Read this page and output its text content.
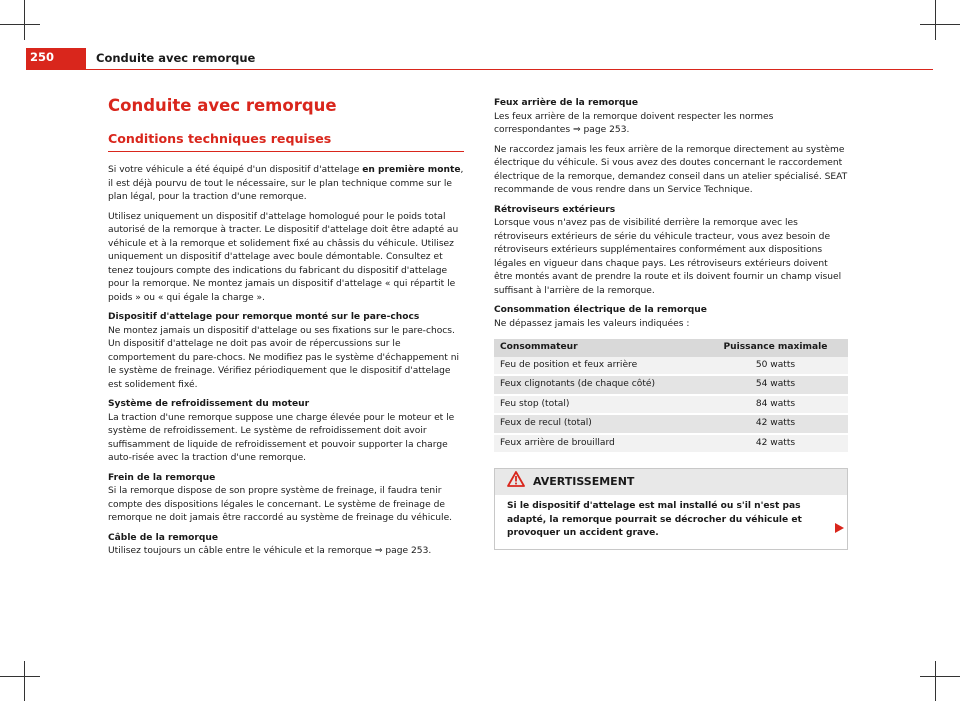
250	Conduite avec remorque
Conduite avec remorque
Conditions techniques requises

Si votre véhicule a été équipé d'un dispositif d'attelage en première monte, il est déjà pourvu de tout le nécessaire, sur le plan technique comme sur le plan légal, pour la traction d'une remorque.

Utilisez uniquement un dispositif d'attelage homologué pour le poids total autorisé de la remorque à tracter. Le dispositif d'attelage doit être adapté au véhicule et à la remorque et solidement fixé au châssis du véhicule. Utilisez uniquement un dispositif d'attelage avec boule démontable. Consultez et tenez toujours compte des indications du fabricant du dispositif d'attelage pour la remorque. Ne montez jamais un dispositif d'attelage « qui répartit le poids » ou « qui égale la charge ».

Dispositif d'attelage pour remorque monté sur le pare-chocs

Ne montez jamais un dispositif d'attelage ou ses fixations sur le pare-chocs. Un dispositif d'attelage ne doit pas avoir de répercussions sur le comportement du pare-chocs. Ne modifiez pas le système d'échappement ni le système de freinage. Vérifiez périodiquement que le dispositif d'attelage est solidement fixé.

Système de refroidissement du moteur

La traction d'une remorque suppose une charge élevée pour le moteur et le système de refroidissement. Le système de refroidissement doit avoir suffisamment de liquide de refroidissement et pouvoir supporter la charge auto-risée avec la traction d'une remorque.

Frein de la remorque

Si la remorque dispose de son propre système de freinage, il faudra tenir compte des dispositions légales le concernant. Le système de freinage de remorque ne doit jamais être raccordé au système de freinage du véhicule.

Câble de la remorque

Utilisez toujours un câble entre le véhicule et la remorque ⇒ page 253.

Feux arrière de la remorque

Les feux arrière de la remorque doivent respecter les normes correspondantes ⇒ page 253.

Ne raccordez jamais les feux arrière de la remorque directement au système électrique du véhicule. Si vous avez des doutes concernant le raccordement électrique de la remorque, demandez conseil dans un atelier spécialisé. SEAT recommande de vous rendre dans un Service Technique.

Rétroviseurs extérieurs

Lorsque vous n'avez pas de visibilité derrière la remorque avec les rétroviseurs extérieurs de série du véhicule tracteur, vous avez besoin de rétroviseurs extérieurs supplémentaires conformément aux dispositions légales en vigueur dans chaque pays. Les rétroviseurs extérieurs doivent être montés avant de prendre la route et ils doivent fournir un champ visuel suffisant à l'arrière de la remorque.

Consommation électrique de la remorque

Ne dépassez jamais les valeurs indiquées :

Consommateur	Puissance maximale
Feu de position et feux arrière	50 watts
Feux clignotants (de chaque côté)	54 watts
Feu stop (total)	84 watts
Feux de recul (total)	42 watts
Feux arrière de brouillard	42 watts
AVERTISSEMENT
Si le dispositif d'attelage est mal installé ou s'il n'est pas adapté, la remorque pourrait se décrocher du véhicule et provoquer un accident grave.
